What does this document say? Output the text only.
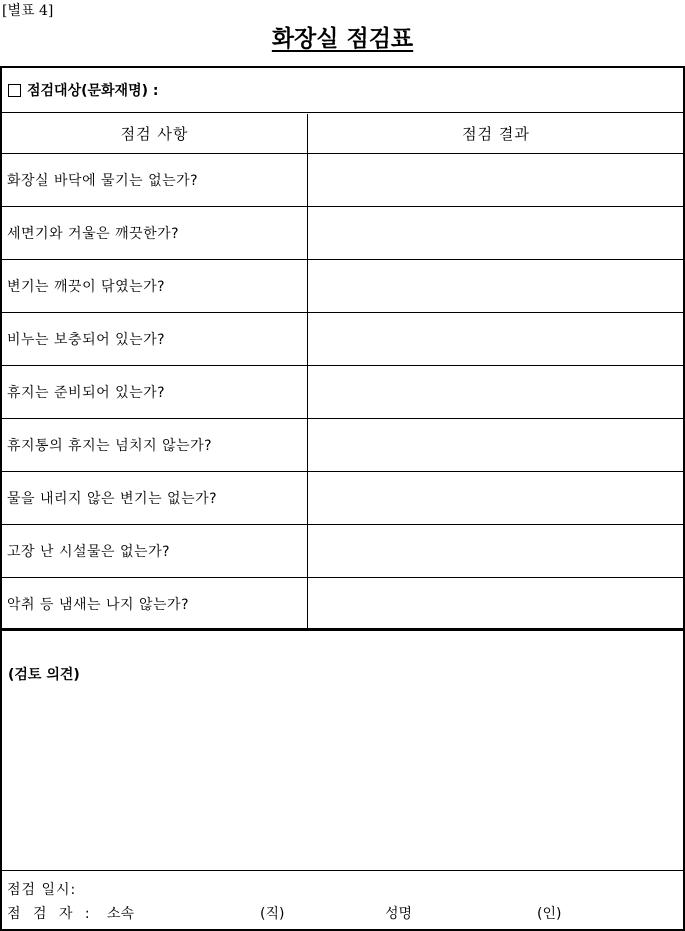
[별표 4]
화장실 점검표
점검대상(문화재명) :
점검 사항	점검 결과
화장실 바닥에 물기는 없는가?
세면기와 거울은 깨끗한가?
변기는 깨끗이 닦였는가?
비누는 보충되어 있는가?
휴지는 준비되어 있는가?
휴지통의 휴지는 넘치지 않는가?
물을 내리지 않은 변기는 없는가?
고장 난 시설물은 없는가?
악취 등 냄새는 나지 않는가?
(검토 의견)
점검 일시:
점 검 자 : 소속	(직)	성명	(인)
